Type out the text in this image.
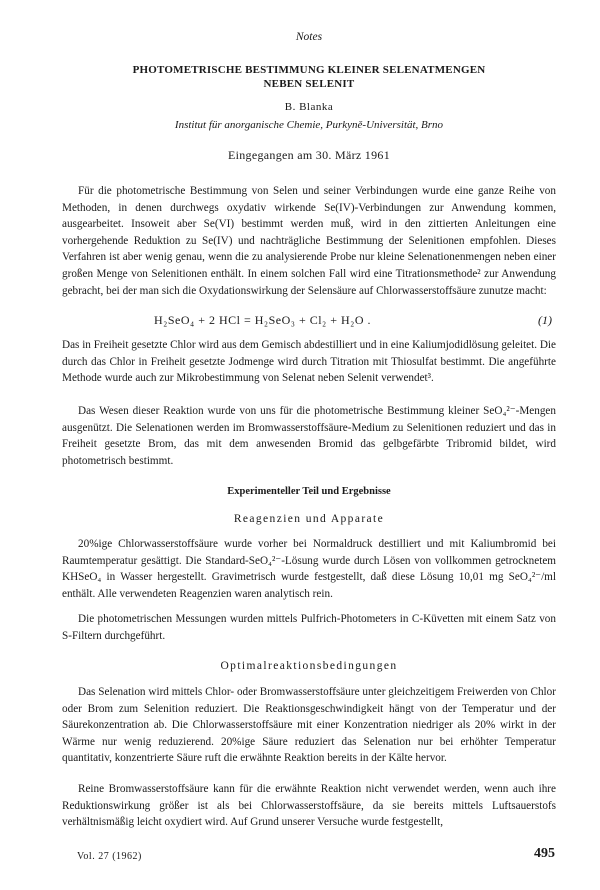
Notes
PHOTOMETRISCHE BESTIMMUNG KLEINER SELENATMENGEN
NEBEN SELENIT
B. Blanka
Institut für anorganische Chemie, Purkyně-Universität, Brno
Eingegangen am 30. März 1961

Für die photometrische Bestimmung von Selen und seiner Verbindungen wurde eine ganze Reihe von Methoden, in denen durchwegs oxydativ wirkende Se(IV)-Verbindungen zur Anwendung kommen, ausgearbeitet. Insoweit aber Se(VI) bestimmt werden muß, wird in den zittierten Anleitungen eine vorhergehende Reduktion zu Se(IV) und nachträgliche Bestimmung der Selenitionen empfohlen. Dieses Verfahren ist aber wenig genau, wenn die zu analysierende Probe nur kleine Selenationenmengen neben einer großen Menge von Selenitionen enthält. In einem solchen Fall wird eine Titrationsmethode² zur Anwendung gebracht, bei der man sich die Oxydationswirkung der Selensäure auf Chlorwasserstoffsäure zunutze macht:

H₂SeO₄ + 2 HCl = H₂SeO₃ + Cl₂ + H₂O .	(1)

Das in Freiheit gesetzte Chlor wird aus dem Gemisch abdestilliert und in eine Kaliumjodidlösung geleitet. Die durch das Chlor in Freiheit gesetzte Jodmenge wird durch Titration mit Thiosulfat bestimmt. Die angeführte Methode wurde auch zur Mikrobestimmung von Selenat neben Selenit verwendet³.

Das Wesen dieser Reaktion wurde von uns für die photometrische Bestimmung kleiner SeO₄²⁻-Mengen ausgenützt. Die Selenationen werden im Bromwasserstoffsäure-Medium zu Selenitionen reduziert und das in Freiheit gesetzte Brom, das mit dem anwesenden Bromid das gelbgefärbte Tribromid bildet, wird photometrisch bestimmt.

Experimenteller Teil und Ergebnisse
Reagenzien und Apparate

20%ige Chlorwasserstoffsäure wurde vorher bei Normaldruck destilliert und mit Kaliumbromid bei Raumtemperatur gesättigt. Die Standard-SeO₄²⁻-Lösung wurde durch Lösen von vollkommen getrocknetem KHSeO₄ in Wasser hergestellt. Gravimetrisch wurde festgestellt, daß diese Lösung 10,01 mg SeO₄²⁻/ml enthält. Alle verwendeten Reagenzien waren analytisch rein.

Die photometrischen Messungen wurden mittels Pulfrich-Photometers in C-Küvetten mit einem Satz von S-Filtern durchgeführt.

Optimalreaktionsbedingungen

Das Selenation wird mittels Chlor- oder Bromwasserstoffsäure unter gleichzeitigem Freiwerden von Chlor oder Brom zum Selenition reduziert. Die Reaktionsgeschwindigkeit hängt von der Temperatur und der Säurekonzentration ab. Die Chlorwasserstoffsäure mit einer Konzentration niedriger als 20% wirkt in der Wärme nur wenig reduzierend. 20%ige Säure reduziert das Selenation nur bei erhöhter Temperatur quantitativ, konzentrierte Säure ruft die erwähnte Reaktion bereits in der Kälte hervor.

Reine Bromwasserstoffsäure kann für die erwähnte Reaktion nicht verwendet werden, wenn auch ihre Reduktionswirkung größer ist als bei Chlorwasserstoffsäure, da sie bereits mittels Luftsauerstofs verhältnismäßig leicht oxydiert wird. Auf Grund unserer Versuche wurde festgestellt,

Vol. 27 (1962)	495
